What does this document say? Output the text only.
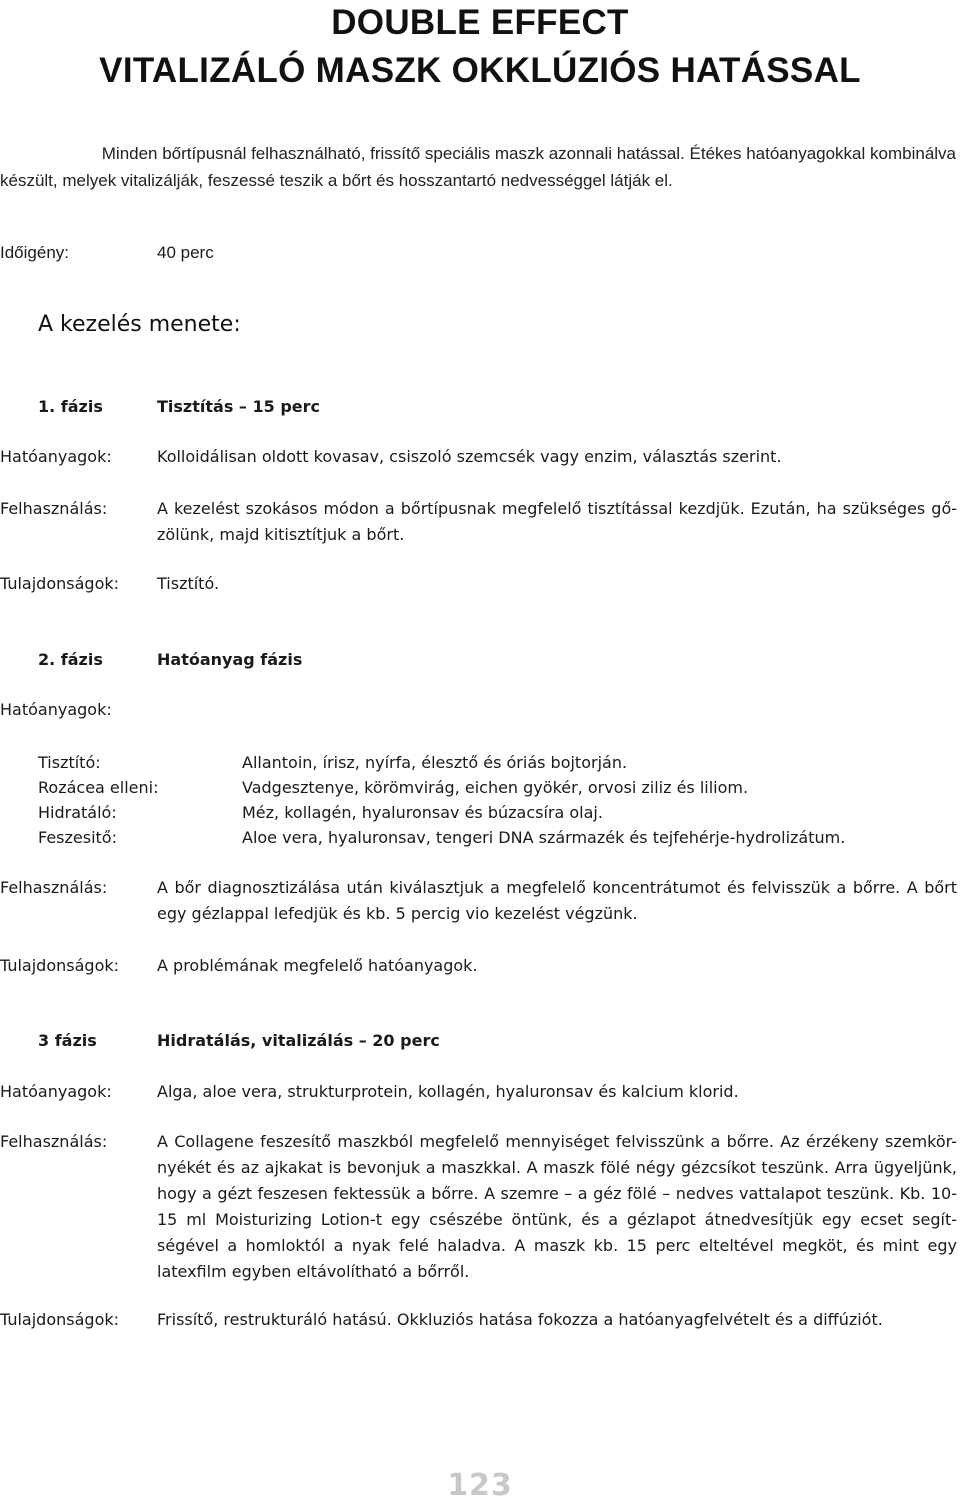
DOUBLE EFFECT
VITALIZÁLÓ MASZK OKKLÚZIÓS HATÁSSAL
Minden bőrtípusnál felhasználható, frissítő speciális maszk azonnali hatással. Étékes hatóanyagokkal kombinálva
készült, melyek vitalizálják, feszessé teszik a bőrt és hosszantartó nedvességgel látják el.
Időigény:	40 perc
A kezelés menete:
1. fázis	Tisztítás – 15 perc
Hatóanyagok:	Kolloidálisan oldott kovasav, csiszoló szemcsék vagy enzim, választás szerint.
Felhasználás:	A kezelést szokásos módon a bőrtípusnak megfelelő tisztítással kezdjük. Ezután, ha szükséges gő-zölünk, majd kitisztítjuk a bőrt.
Tulajdonságok: Tisztító.
2. fázis	Hatóanyag fázis
Hatóanyagok:
Tisztító:	Allantoin, írisz, nyírfa, élesztő és óriás bojtorján.
Rozácea elleni:	Vadgesztenye, körömvirág, eichen gyökér, orvosi ziliz és liliom.
Hidratáló:	Méz, kollagén, hyaluronsav és búzacsíra olaj.
Feszesitő:	Aloe vera, hyaluronsav, tengeri DNA származék és tejfehérje-hydrolizátum.
Felhasználás:	A bőr diagnosztizálása után kiválasztjuk a megfelelő koncentrátumot és felvisszük a bőrre. A bőrt egy gézlappal lefedjük és kb. 5 percig vio kezelést végzünk.
Tulajdonságok: A problémának megfelelő hatóanyagok.
3 fázis	Hidratálás, vitalizálás – 20 perc
Hatóanyagok:	Alga, aloe vera, strukturprotein, kollagén, hyaluronsav és kalcium klorid.
Felhasználás:	A Collagene feszesítő maszkból megfelelő mennyiséget felvisszünk a bőrre. Az érzékeny szemkör-nyékét és az ajkakat is bevonjuk a maszkkal. A maszk fölé négy gézcsíkot teszünk. Arra ügyeljünk, hogy a gézt feszesen fektessük a bőrre. A szemre – a géz fölé – nedves vattalapot teszünk. Kb. 10-15 ml Moisturizing Lotion-t egy csészébe öntünk, és a gézlapot átnedvesítjük egy ecset segít-ségével a homloktól a nyak felé haladva. A maszk kb. 15 perc elteltével megköt, és mint egy latexfilm egyben eltávolítható a bőrről.
Tulajdonságok: Frissítő, restrukturáló hatású. Okkluziós hatása fokozza a hatóanyagfelvételt és a diffúziót.
123
